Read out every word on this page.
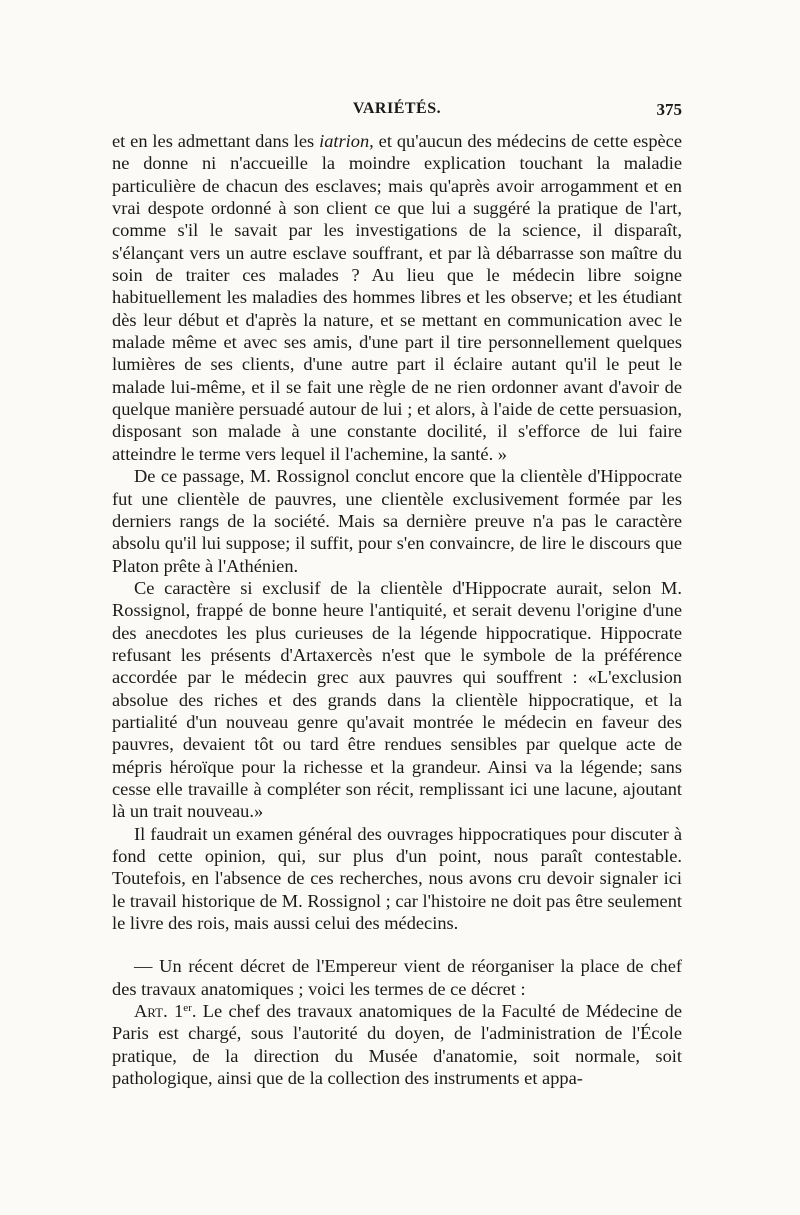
VARIÉTÉS.	375

et en les admettant dans les iatrion, et qu'aucun des médecins de cette espèce ne donne ni n'accueille la moindre explication touchant la maladie particulière de chacun des esclaves; mais qu'après avoir arrogamment et en vrai despote ordonné à son client ce que lui a suggéré la pratique de l'art, comme s'il le savait par les investigations de la science, il disparaît, s'élançant vers un autre esclave souffrant, et par là débarrasse son maître du soin de traiter ces malades ? Au lieu que le médecin libre soigne habituellement les maladies des hommes libres et les observe; et les étudiant dès leur début et d'après la nature, et se mettant en communication avec le malade même et avec ses amis, d'une part il tire personnellement quelques lumières de ses clients, d'une autre part il éclaire autant qu'il le peut le malade lui-même, et il se fait une règle de ne rien ordonner avant d'avoir de quelque manière persuadé autour de lui ; et alors, à l'aide de cette persuasion, disposant son malade à une constante docilité, il s'efforce de lui faire atteindre le terme vers lequel il l'achemine, la santé. »

De ce passage, M. Rossignol conclut encore que la clientèle d'Hippocrate fut une clientèle de pauvres, une clientèle exclusivement formée par les derniers rangs de la société. Mais sa dernière preuve n'a pas le caractère absolu qu'il lui suppose; il suffit, pour s'en convaincre, de lire le discours que Platon prête à l'Athénien.

Ce caractère si exclusif de la clientèle d'Hippocrate aurait, selon M. Rossignol, frappé de bonne heure l'antiquité, et serait devenu l'origine d'une des anecdotes les plus curieuses de la légende hippocratique. Hippocrate refusant les présents d'Artaxercès n'est que le symbole de la préférence accordée par le médecin grec aux pauvres qui souffrent : «L'exclusion absolue des riches et des grands dans la clientèle hippocratique, et la partialité d'un nouveau genre qu'avait montrée le médecin en faveur des pauvres, devaient tôt ou tard être rendues sensibles par quelque acte de mépris héroïque pour la richesse et la grandeur. Ainsi va la légende; sans cesse elle travaille à compléter son récit, remplissant ici une lacune, ajoutant là un trait nouveau.»

Il faudrait un examen général des ouvrages hippocratiques pour discuter à fond cette opinion, qui, sur plus d'un point, nous paraît contestable. Toutefois, en l'absence de ces recherches, nous avons cru devoir signaler ici le travail historique de M. Rossignol ; car l'histoire ne doit pas être seulement le livre des rois, mais aussi celui des médecins.

— Un récent décret de l'Empereur vient de réorganiser la place de chef des travaux anatomiques ; voici les termes de ce décret :

Art. 1er. Le chef des travaux anatomiques de la Faculté de Médecine de Paris est chargé, sous l'autorité du doyen, de l'administration de l'École pratique, de la direction du Musée d'anatomie, soit normale, soit pathologique, ainsi que de la collection des instruments et appa-
